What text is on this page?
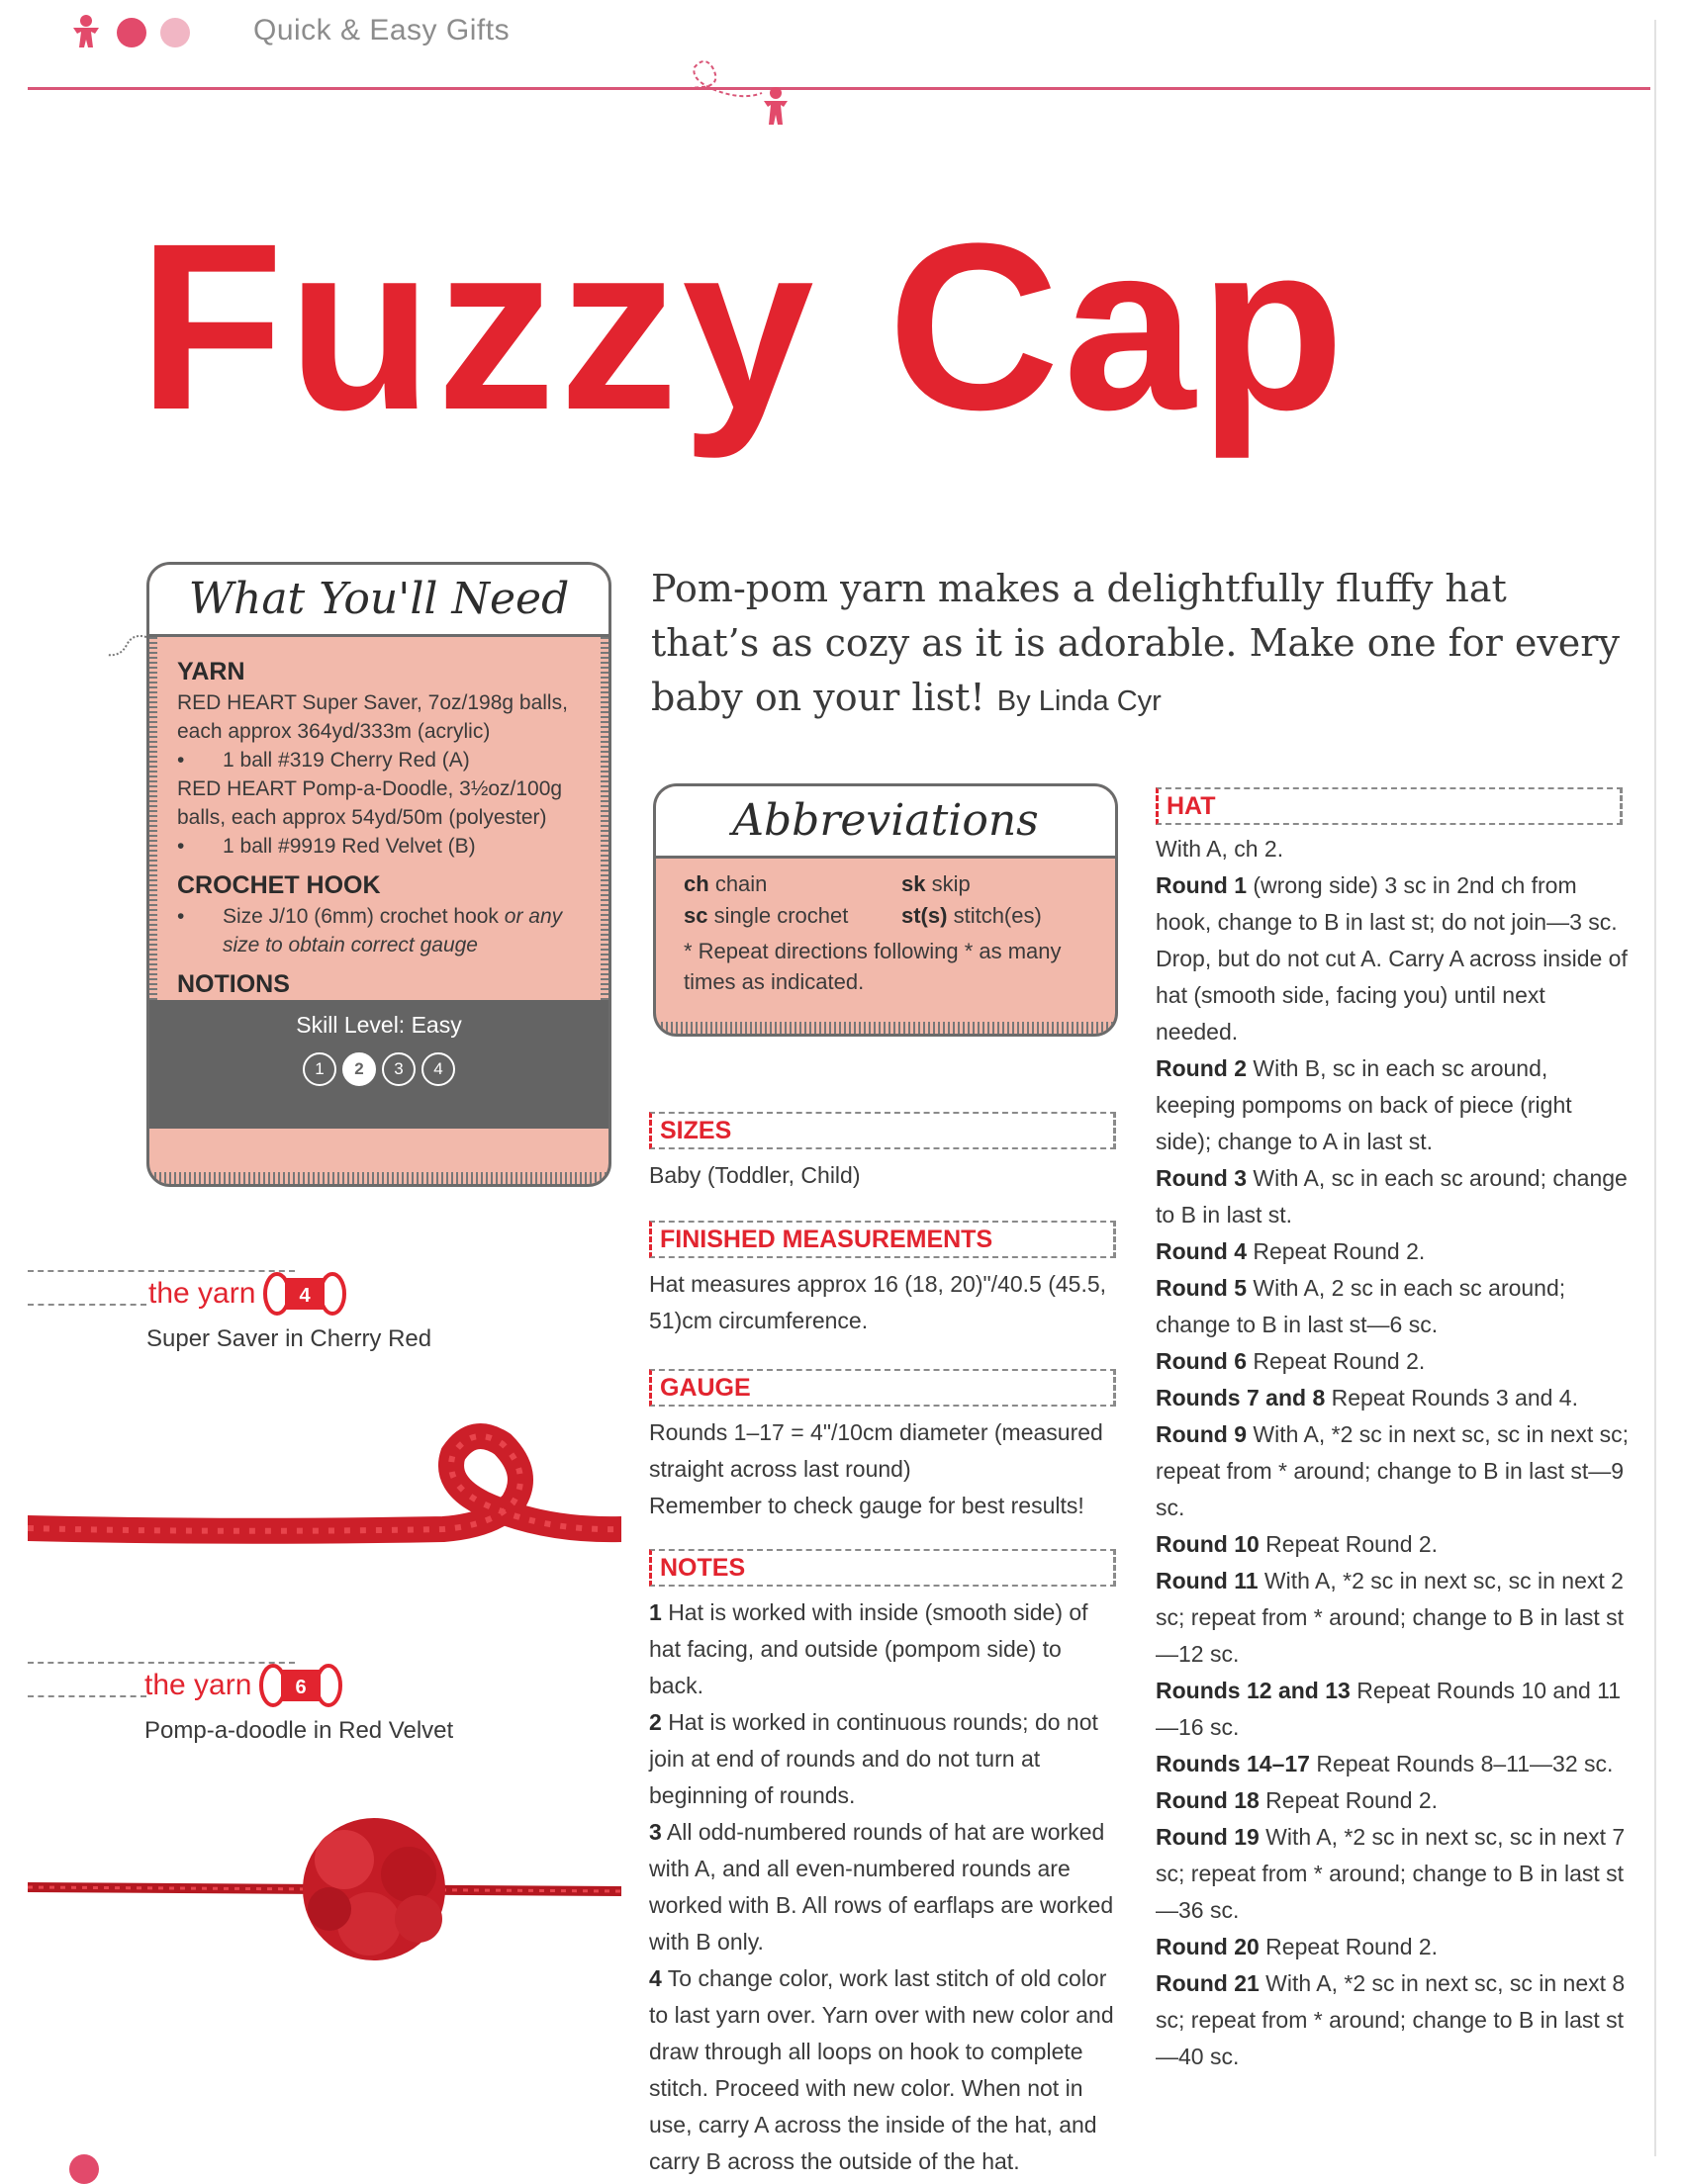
Quick & Easy Gifts
Fuzzy Cap
What You'll Need
YARN
RED HEART Super Saver, 7oz/198g balls, each approx 364yd/333m (acrylic)
•	1 ball #319 Cherry Red (A)
RED HEART Pomp-a-Doodle, 3½oz/100g balls, each approx 54yd/50m (polyester)
•	1 ball #9919 Red Velvet (B)
CROCHET HOOK
•	Size J/10 (6mm) crochet hook or any size to obtain correct gauge
NOTIONS
Skill Level: Easy
1	2	3	4
Pom-pom yarn makes a delightfully fluffy hat that’s as cozy as it is adorable. Make one for every baby on your list! By Linda Cyr
Abbreviations
ch chain	sk skip
sc single crochet	st(s) stitch(es)
* Repeat directions following * as many times as indicated.
SIZES
Baby (Toddler, Child)
FINISHED MEASUREMENTS
Hat measures approx 16 (18, 20)"/40.5 (45.5, 51)cm circumference.
GAUGE
Rounds 1–17 = 4"/10cm diameter (measured straight across last round)
Remember to check gauge for best results!
NOTES
1 Hat is worked with inside (smooth side) of hat facing, and outside (pompom side) to back.
2 Hat is worked in continuous rounds; do not join at end of rounds and do not turn at beginning of rounds.
3 All odd-numbered rounds of hat are worked with A, and all even-numbered rounds are worked with B. All rows of earflaps are worked with B only.
4 To change color, work last stitch of old color to last yarn over. Yarn over with new color and draw through all loops on hook to complete stitch. Proceed with new color. When not in use, carry A across the inside of the hat, and carry B across the outside of the hat.
HAT
With A, ch 2.
Round 1 (wrong side) 3 sc in 2nd ch from hook, change to B in last st; do not join—3 sc. Drop, but do not cut A. Carry A across inside of hat (smooth side, facing you) until next needed.
Round 2 With B, sc in each sc around, keeping pompoms on back of piece (right side); change to A in last st.
Round 3 With A, sc in each sc around; change to B in last st.
Round 4 Repeat Round 2.
Round 5 With A, 2 sc in each sc around; change to B in last st—6 sc.
Round 6 Repeat Round 2.
Rounds 7 and 8 Repeat Rounds 3 and 4.
Round 9 With A, *2 sc in next sc, sc in next sc; repeat from * around; change to B in last st—9 sc.
Round 10 Repeat Round 2.
Round 11 With A, *2 sc in next sc, sc in next 2 sc; repeat from * around; change to B in last st—12 sc.
Rounds 12 and 13 Repeat Rounds 10 and 11—16 sc.
Rounds 14–17 Repeat Rounds 8–11—32 sc.
Round 18 Repeat Round 2.
Round 19 With A, *2 sc in next sc, sc in next 7 sc; repeat from * around; change to B in last st—36 sc.
Round 20 Repeat Round 2.
Round 21 With A, *2 sc in next sc, sc in next 8 sc; repeat from * around; change to B in last st—40 sc.
the yarn 4
Super Saver in Cherry Red
the yarn 6
Pomp-a-doodle in Red Velvet
